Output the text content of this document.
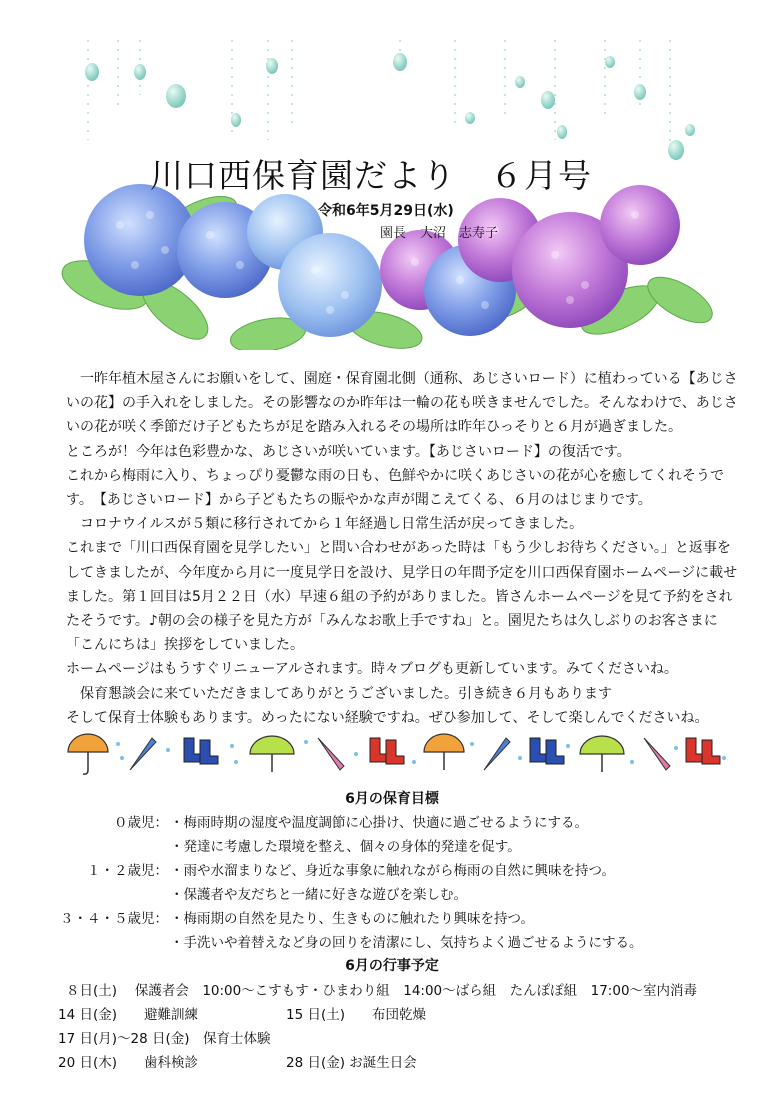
川口西保育園だより　６月号
令和6年5月29日(水)
園長 大沼　志寿子

　一昨年植木屋さんにお願いをして、園庭・保育園北側（通称、あじさいロード）に植わっている【あじさいの花】の手入れをしました。その影響なのか昨年は一輪の花も咲きませんでした。そんなわけで、あじさいの花が咲く季節だけ子どもたちが足を踏み入れるその場所は昨年ひっそりと６月が過ぎました。

ところが！今年は色彩豊かな、あじさいが咲いています。【あじさいロード】の復活です。

これから梅雨に入り、ちょっぴり憂鬱な雨の日も、色鮮やかに咲くあじさいの花が心を癒してくれそうです。　【あじさいロード】から子どもたちの賑やかな声が聞こえてくる、６月のはじまりです。

　コロナウイルスが５類に移行されてから１年経過し日常生活が戻ってきました。

これまで「川口西保育園を見学したい」と問い合わせがあった時は「もう少しお待ちください。」と返事をしてきましたが、今年度から月に一度見学日を設け、見学日の年間予定を川口西保育園ホームページに載せました。第１回目は5月２２日（水）早速６組の予約がありました。皆さんホームページを見て予約をされたそうです。♪朝の会の様子を見た方が「みんなお歌上手ですね」と。園児たちは久しぶりのお客さまに「こんにちは」挨拶をしていました。

ホームページはもうすぐリニューアルされます。時々ブログも更新しています。みてくださいね。

　保育懇談会に来ていただきましてありがとうございました。引き続き６月もあります

そして保育士体験もあります。めったにない経験ですね。ぜひ参加して、そして楽しんでくださいね。

6月の保育目標
０歳児： ・梅雨時期の湿度や温度調節に心掛け、快適に過ごせるようにする。
・発達に考慮した環境を整え、個々の身体的発達を促す。
１・２歳児： ・雨や水溜まりなど、身近な事象に触れながら梅雨の自然に興味を持つ。
・保護者や友だちと一緒に好きな遊びを楽しむ。
３・４・５歳児： ・梅雨期の自然を見たり、生きものに触れたり興味を持つ。
・手洗いや着替えなど身の回りを清潔にし、気持ちよく過ごせるようにする。
6月の行事予定
８日(土)　 保護者会　10:00～こすもす・ひまわり組　14:00～ばら組　たんぽぽ組　17:00～室内消毒
14 日(金)　　避難訓練	15 日(土)　　布団乾燥
17 日(月)～28 日(金)　保育士体験
20 日(木)　　歯科検診	28 日(金) お誕生日会
